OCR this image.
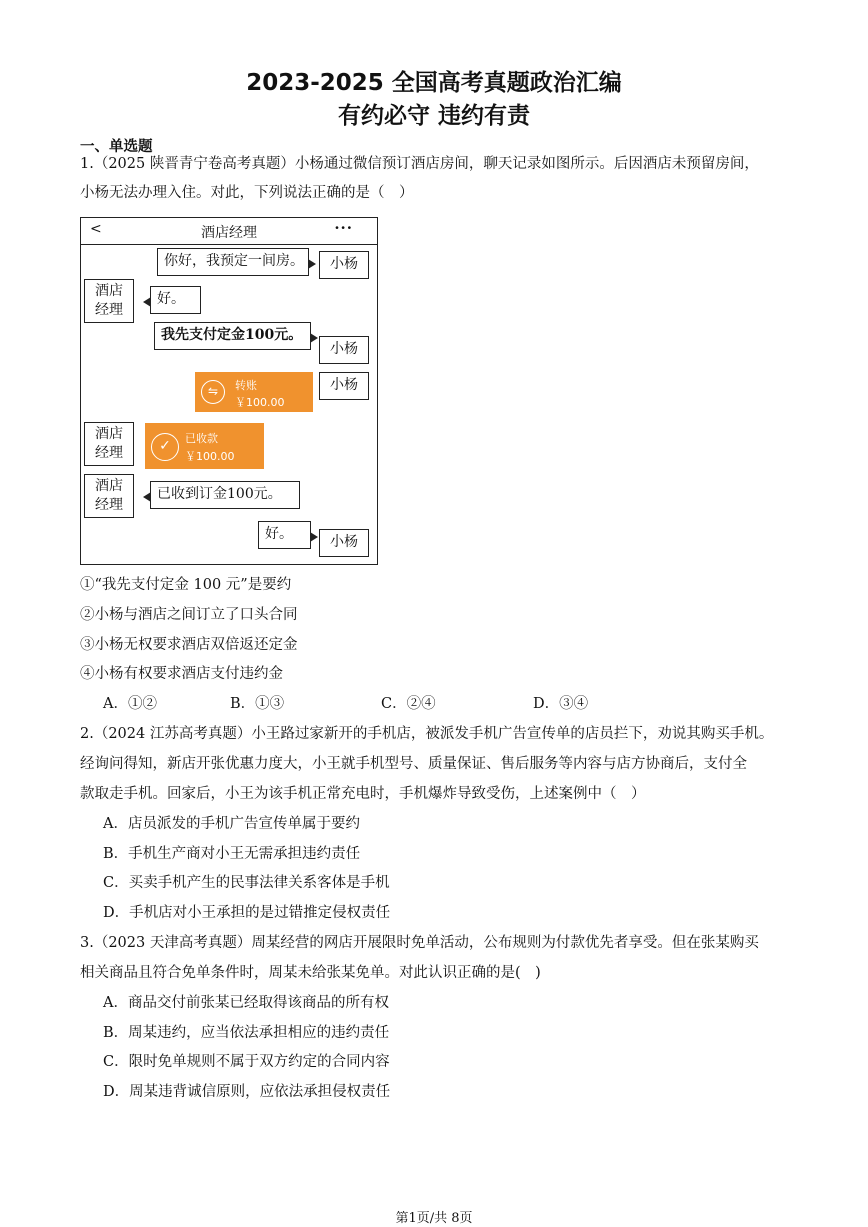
2023-2025 全国高考真题政治汇编
有约必守 违约有责
一、单选题
1.（2025 陕晋青宁卷高考真题）小杨通过微信预订酒店房间，聊天记录如图所示。后因酒店未预留房间，
小杨无法办理入住。对此，下列说法正确的是（　）
<	酒店经理	···
你好，我预定一间房。	小杨
酒店
经理
好。
我先支付定金100元。
小杨
⇋	转账
￥100.00
小杨
酒店
经理	✓	已收款
￥100.00
酒店
经理
已收到订金100元。
好。	小杨
①“我先支付定金 100 元”是要约
②小杨与酒店之间订立了口头合同
③小杨无权要求酒店双倍返还定金
④小杨有权要求酒店支付违约金
A．①②	B．①③	C．②④	D．③④
2.（2024 江苏高考真题）小王路过家新开的手机店，被派发手机广告宣传单的店员拦下，劝说其购买手机。
经询问得知，新店开张优惠力度大，小王就手机型号、质量保证、售后服务等内容与店方协商后，支付全
款取走手机。回家后，小王为该手机正常充电时，手机爆炸导致受伤，上述案例中（　）
A．店员派发的手机广告宣传单属于要约
B．手机生产商对小王无需承担违约责任
C．买卖手机产生的民事法律关系客体是手机
D．手机店对小王承担的是过错推定侵权责任
3.（2023 天津高考真题）周某经营的网店开展限时免单活动，公布规则为付款优先者享受。但在张某购买
相关商品且符合免单条件时，周某未给张某免单。对此认识正确的是(　)
A．商品交付前张某已经取得该商品的所有权
B．周某违约，应当依法承担相应的违约责任
C．限时免单规则不属于双方约定的合同内容
D．周某违背诚信原则，应依法承担侵权责任
第1页/共 8页
